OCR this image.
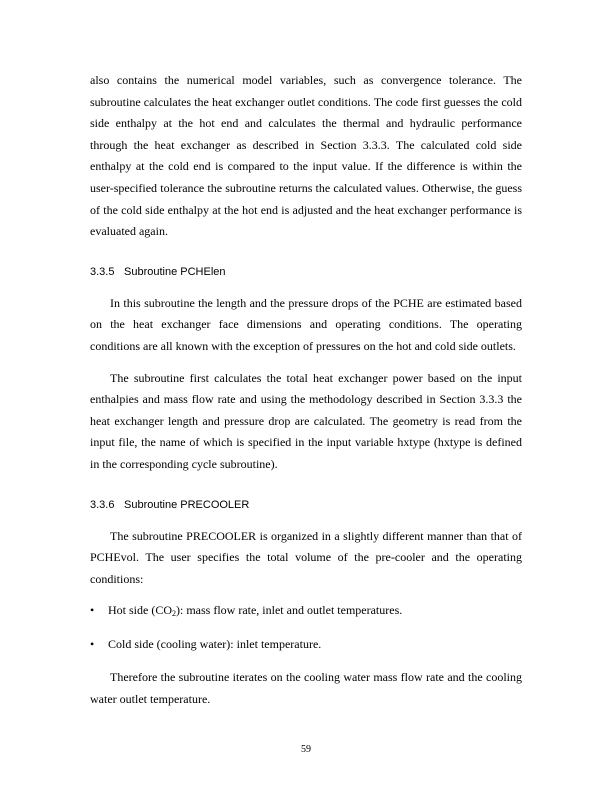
also contains the numerical model variables, such as convergence tolerance. The subroutine calculates the heat exchanger outlet conditions. The code first guesses the cold side enthalpy at the hot end and calculates the thermal and hydraulic performance through the heat exchanger as described in Section 3.3.3. The calculated cold side enthalpy at the cold end is compared to the input value. If the difference is within the user-specified tolerance the subroutine returns the calculated values. Otherwise, the guess of the cold side enthalpy at the hot end is adjusted and the heat exchanger performance is evaluated again.

3.3.5 Subroutine PCHElen

In this subroutine the length and the pressure drops of the PCHE are estimated based on the heat exchanger face dimensions and operating conditions. The operating conditions are all known with the exception of pressures on the hot and cold side outlets.

The subroutine first calculates the total heat exchanger power based on the input enthalpies and mass flow rate and using the methodology described in Section 3.3.3 the heat exchanger length and pressure drop are calculated. The geometry is read from the input file, the name of which is specified in the input variable hxtype (hxtype is defined in the corresponding cycle subroutine).

3.3.6 Subroutine PRECOOLER

The subroutine PRECOOLER is organized in a slightly different manner than that of PCHEvol. The user specifies the total volume of the pre-cooler and the operating conditions:

• Hot side $(CO_2)$: mass flow rate, inlet and outlet temperatures.

• Cold side (cooling water): inlet temperature.

Therefore the subroutine iterates on the cooling water mass flow rate and the cooling water outlet temperature.

59
